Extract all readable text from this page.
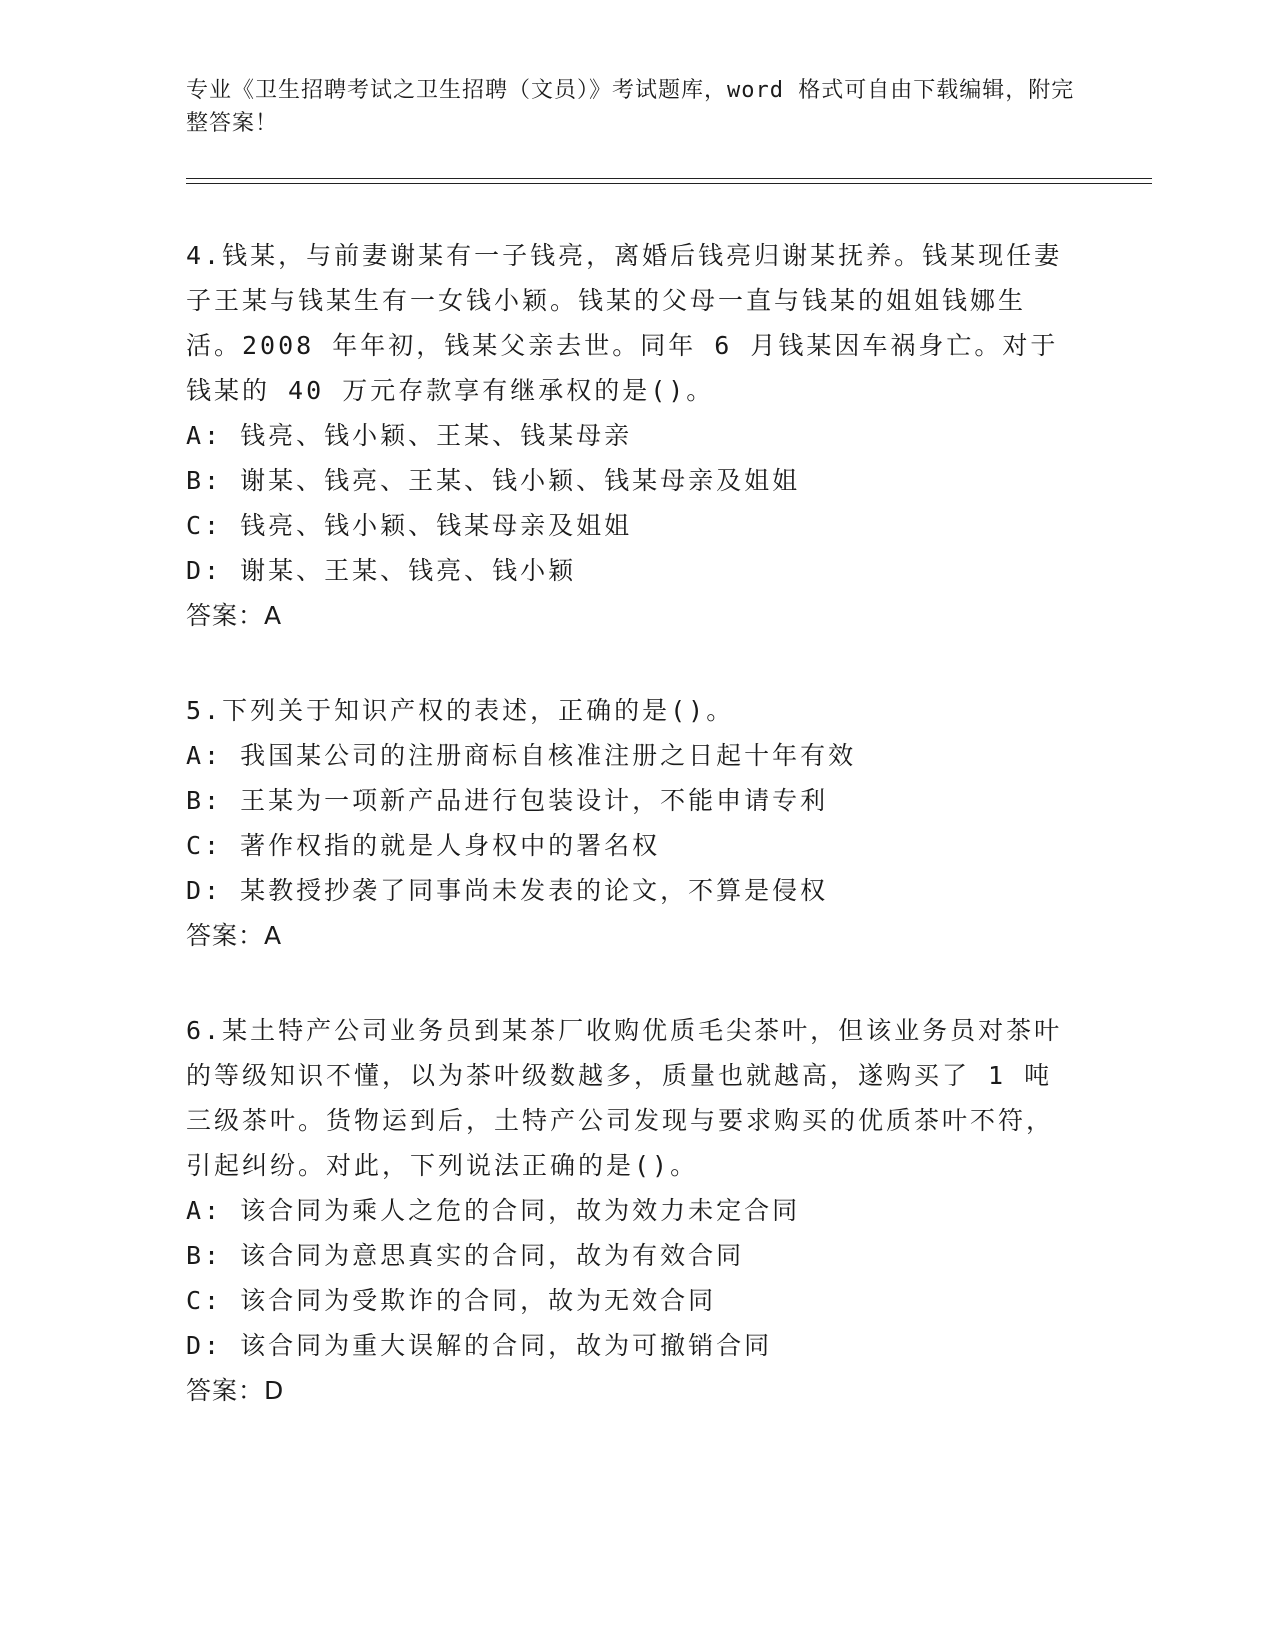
专业《卫生招聘考试之卫生招聘（文员）》考试题库，word 格式可自由下载编辑，附完整答案！

4.钱某，与前妻谢某有一子钱亮，离婚后钱亮归谢某抚养。钱某现任妻子王某与钱某生有一女钱小颖。钱某的父母一直与钱某的姐姐钱娜生活。2008 年年初，钱某父亲去世。同年 6 月钱某因车祸身亡。对于钱某的 40 万元存款享有继承权的是()。

A: 钱亮、钱小颖、王某、钱某母亲

B: 谢某、钱亮、王某、钱小颖、钱某母亲及姐姐

C: 钱亮、钱小颖、钱某母亲及姐姐

D: 谢某、王某、钱亮、钱小颖

答案：A

5.下列关于知识产权的表述，正确的是()。

A: 我国某公司的注册商标自核准注册之日起十年有效

B: 王某为一项新产品进行包装设计，不能申请专利

C: 著作权指的就是人身权中的署名权

D: 某教授抄袭了同事尚未发表的论文，不算是侵权

答案：A

6.某土特产公司业务员到某茶厂收购优质毛尖茶叶，但该业务员对茶叶的等级知识不懂，以为茶叶级数越多，质量也就越高，遂购买了 1 吨三级茶叶。货物运到后，土特产公司发现与要求购买的优质茶叶不符，引起纠纷。对此，下列说法正确的是()。

A: 该合同为乘人之危的合同，故为效力未定合同

B: 该合同为意思真实的合同，故为有效合同

C: 该合同为受欺诈的合同，故为无效合同

D: 该合同为重大误解的合同，故为可撤销合同

答案：D
